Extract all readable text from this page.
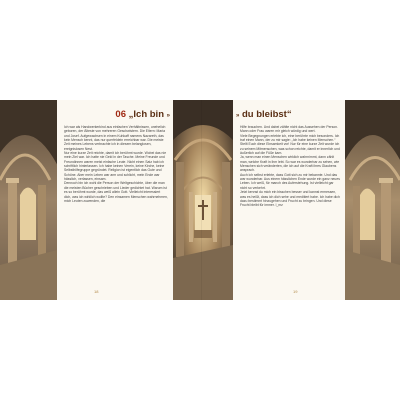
06 „Ich bin »

Ich war als Handwerkerkind aus einfachen Verhältnissen, unehelich geboren, der Älteste von mehreren Geschwistern. Die Eltern: Maria und Josef. Aufgewachsen in einem Kuhkaff namens Nazareth, das kein Mensch kennt, das nur querfeldein erreichbar war. Die meiste Zeit meines Lebens verbrachte ich in diesem belanglosen, ereignislosen Nest.

Nur eine kurze Zeit reichte, damit ich berühmt wurde. Wobei das nie mein Ziel war. Ich hatte nie Geld in der Tasche. Meine Freunde und Freundinnen waren meist einfache Leute. Nicht einen Satz hab ich schriftlich hinterlassen. Ich habe keinen Verein, keine Kirche, keine Selbsthilfegruppe gegründet. Religion ist eigentlich das Gute und Schöne. Aber mein Leben war arm und schlicht, mein Ende war hässlich, verlassen, einsam.

Dennoch bin ich wohl die Person der Weltgeschichte, über die man die meisten Bücher geschrieben und Lieder gedichtet hat. Warum ist es so berühmt wurde, das weiß allein Gott. Vielleicht interessiert dich, was ich wirklich wollte? Den einsamen Menschen wahrnehmen, mich Leuten zuwenden, die

18
» du bleibst“

Hilfe brauchen. Und dabei zählte nicht das Aussehen der Person. Mann oder Frau waren mir gleich würdig und wert.

Viele Begegnungen erlebte ich, eine berührte mich besonders. Ich traf einen Mann, der zu mir sagte: „Ich habe keinen Menschen.“ Stellt Euch diese Einsamkeit vor! Nur für eine kurze Zeit wurde ich zu seinem Mitmenschen, was schon reichte, damit er innerlich und äußerlich auf die Füße kam.

Ja, wenn man einen Menschen wirklich wahrnimmt, dann zählt man, welche Kraft in ihm lebt. So war es wunderbar zu sehen, wie Menschen sich veränderten, die ich auf die Kraft ihres Glaubens ansprach.

Auch ich selbst erlebte, dass Gott sich zu mir bekannte. Und das war wunderbar. Aus einem hässlichen Ende wurde ein ganz neues Leben. Ich weiß, für manch des Auferstehung. Ist vielleicht gar nicht so verkehrt.

Jetzt kennst du mich ein bisschen besser und kannst ermessen, was es heißt, dass ich dich sehe und meditiert habe. Ich habe dich dazu bestimmt hinzugehen und Frucht zu bringen. Und diese Frucht bleibt für immer. l_mz

19
